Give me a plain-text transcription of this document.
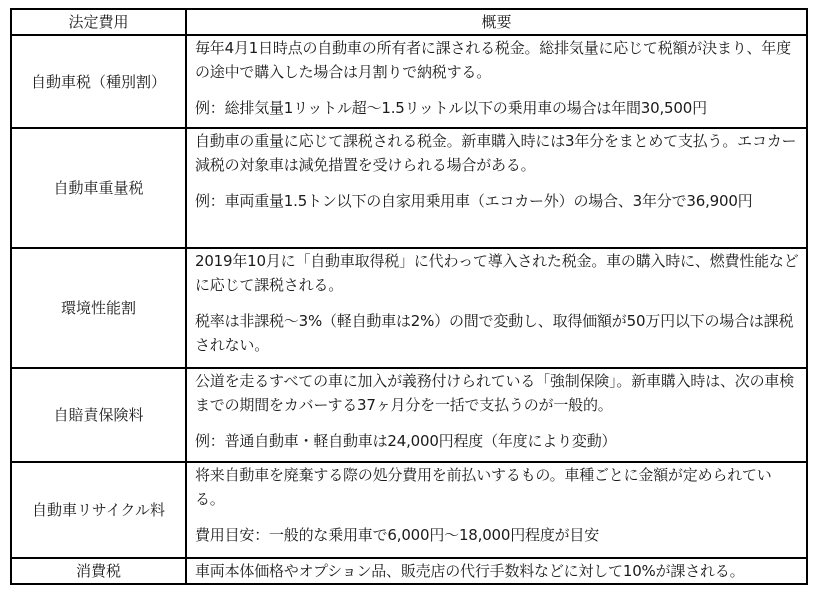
法定費用	概要
自動車税（種別割）	毎年4月1日時点の自動車の所有者に課される税金。総排気量に応じて税額が決まり、年度の途中で購入した場合は月割りで納税する。

例：総排気量1リットル超～1.5リットル以下の乗用車の場合は年間30,500円

自動車重量税	自動車の重量に応じて課税される税金。新車購入時には3年分をまとめて支払う。エコカー減税の対象車は減免措置を受けられる場合がある。

例：車両重量1.5トン以下の自家用乗用車（エコカー外）の場合、3年分で36,900円

環境性能割	2019年10月に「自動車取得税」に代わって導入された税金。車の購入時に、燃費性能などに応じて課税される。

税率は非課税～3%（軽自動車は2%）の間で変動し、取得価額が50万円以下の場合は課税されない。

自賠責保険料	公道を走るすべての車に加入が義務付けられている「強制保険」。新車購入時は、次の車検までの期間をカバーする37ヶ月分を一括で支払うのが一般的。

例：普通自動車・軽自動車は24,000円程度（年度により変動）

自動車リサイクル料	将来自動車を廃棄する際の処分費用を前払いするもの。車種ごとに金額が定められている。

費用目安：一般的な乗用車で6,000円～18,000円程度が目安

消費税	車両本体価格やオプション品、販売店の代行手数料などに対して10%が課される。
